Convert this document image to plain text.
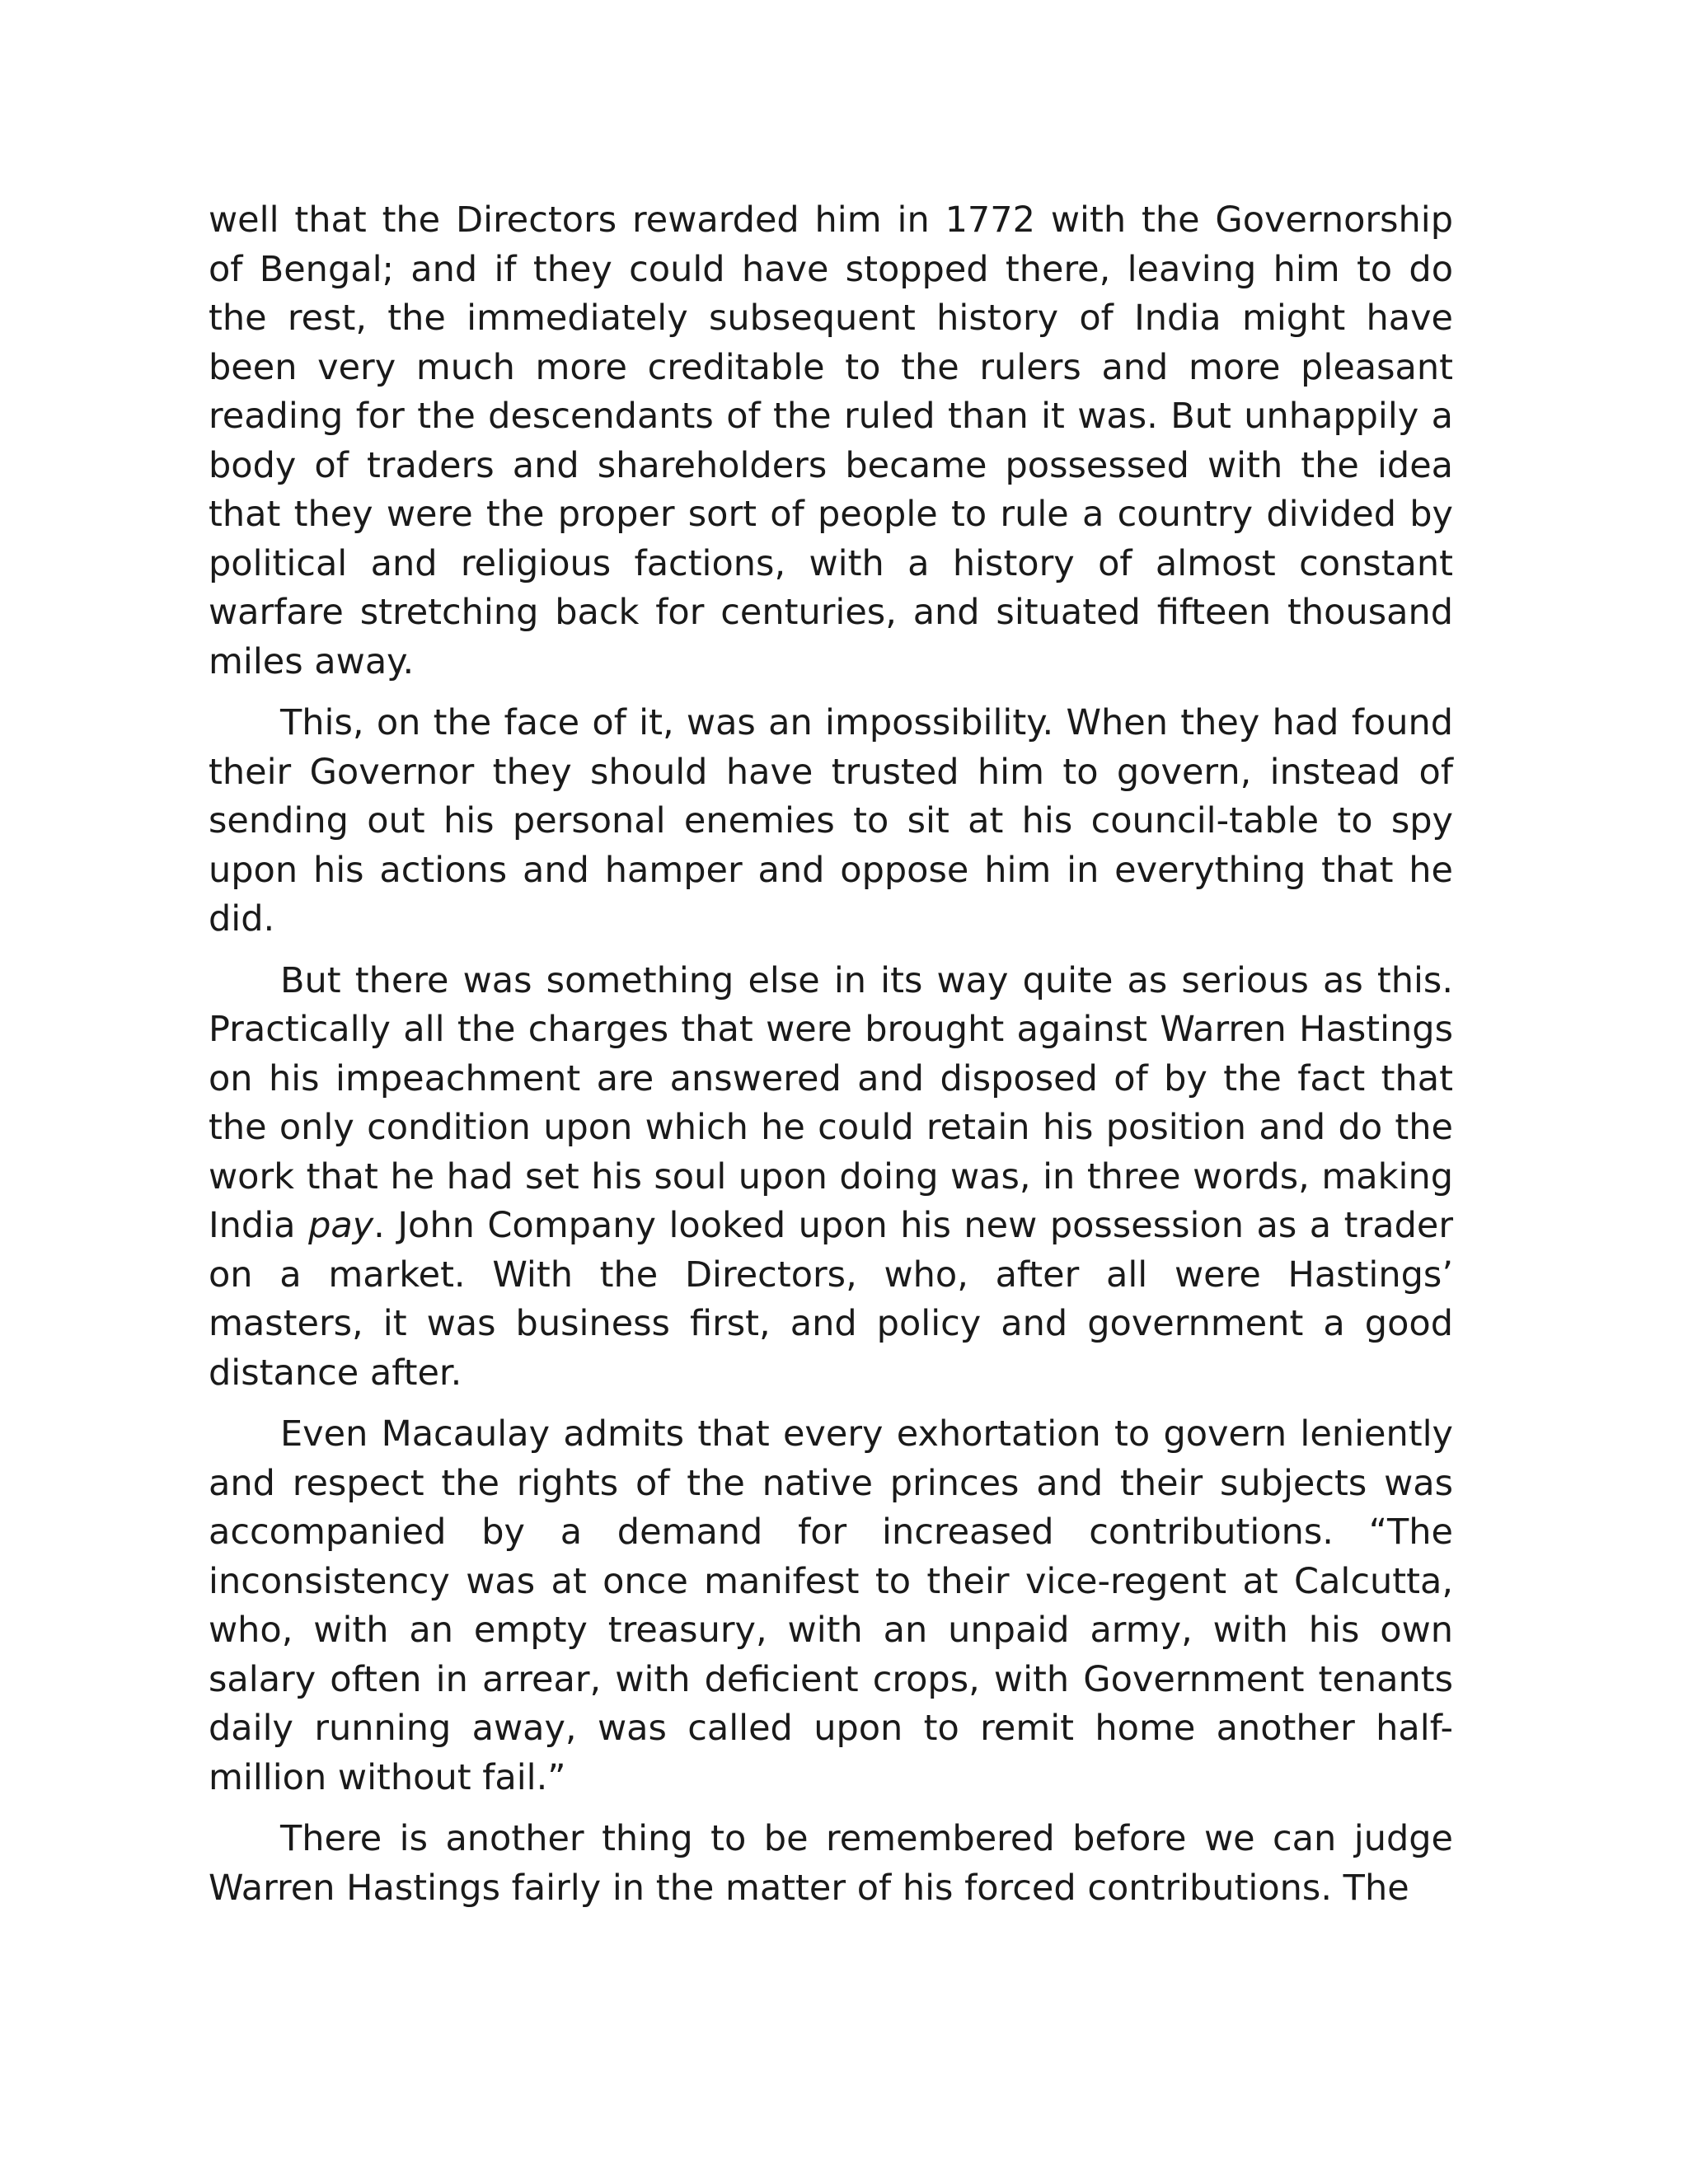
well that the Directors rewarded him in 1772 with the Governorship of Bengal; and if they could have stopped there, leaving him to do the rest, the immediately subsequent history of India might have been very much more creditable to the rulers and more pleasant reading for the descendants of the ruled than it was. But unhappily a body of traders and shareholders became possessed with the idea that they were the proper sort of people to rule a country divided by political and religious factions, with a history of almost constant warfare stretching back for centuries, and situated fifteen thousand miles away.

This, on the face of it, was an impossibility. When they had found their Governor they should have trusted him to govern, instead of sending out his personal enemies to sit at his council-table to spy upon his actions and hamper and oppose him in everything that he did.

But there was something else in its way quite as serious as this. Practically all the charges that were brought against Warren Hastings on his impeachment are answered and disposed of by the fact that the only condition upon which he could retain his position and do the work that he had set his soul upon doing was, in three words, making India pay. John Company looked upon his new possession as a trader on a market. With the Directors, who, after all were Hastings’ masters, it was business first, and policy and government a good distance after.

Even Macaulay admits that every exhortation to govern leniently and respect the rights of the native princes and their subjects was accompanied by a demand for increased contributions. “The inconsistency was at once manifest to their vice-regent at Calcutta, who, with an empty treasury, with an unpaid army, with his own salary often in arrear, with deficient crops, with Government tenants daily running away, was called upon to remit home another half-million without fail.”

There is another thing to be remembered before we can judge Warren Hastings fairly in the matter of his forced contributions. The
